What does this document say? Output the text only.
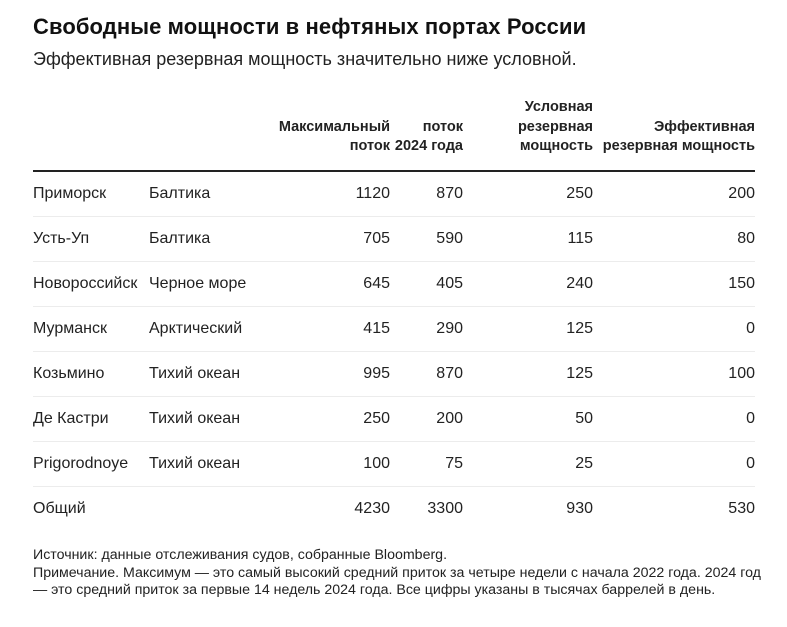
Свободные мощности в нефтяных портах России
Эффективная резервная мощность значительно ниже условной.
		Максимальный поток	поток 2024 года	Условная резервная мощность	Эффективная резервная мощность
Приморск	Балтика	1120	870	250	200
Усть-Уп	Балтика	705	590	115	80
Новороссийск	Черное море	645	405	240	150
Мурманск	Арктический	415	290	125	0
Козьмино	Тихий океан	995	870	125	100
Де Кастри	Тихий океан	250	200	50	0
Prigorodnoye	Тихий океан	100	75	25	0
Общий		4230	3300	930	530
Источник: данные отслеживания судов, собранные Bloomberg.
Примечание. Максимум — это самый высокий средний приток за четыре недели с начала 2022 года. 2024 год — это средний приток за первые 14 недель 2024 года. Все цифры указаны в тысячах баррелей в день.
